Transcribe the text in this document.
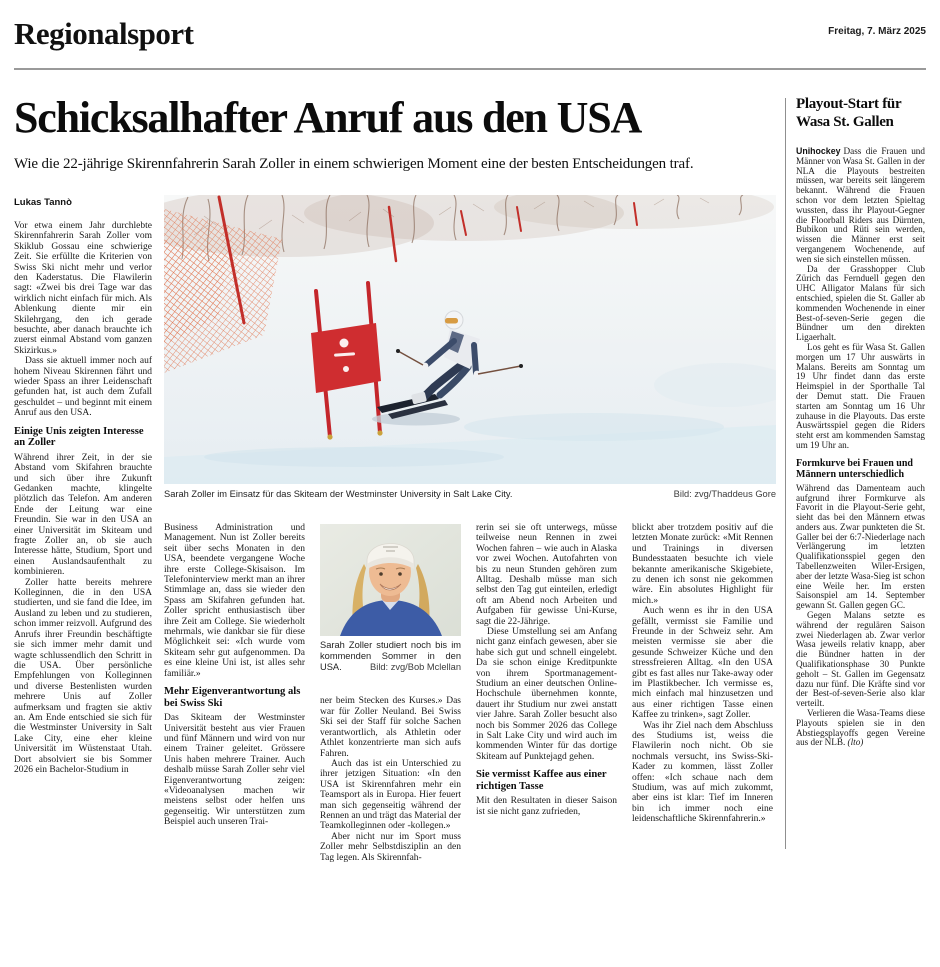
Regionalsport	Freitag, 7. März 2025
Schicksalhafter Anruf aus den USA

Wie die 22-jährige Skirennfahrerin Sarah Zoller in einem schwierigen Moment eine der besten Entscheidungen traf.

Lukas Tannò

Vor etwa einem Jahr durchlebte Skirennfahrerin Sarah Zoller vom Skiklub Gossau eine schwierige Zeit. Sie erfüllte die Kriterien von Swiss Ski nicht mehr und verlor den Kaderstatus. Die Flawilerin sagt: «Zwei bis drei Tage war das wirklich nicht einfach für mich. Als Ablenkung diente mir ein Skilehrgang, den ich gerade besuchte, aber danach brauchte ich zuerst einmal Abstand vom ganzen Skizirkus.»

Dass sie aktuell immer noch auf hohem Niveau Skirennen fährt und wieder Spass an ihrer Leidenschaft gefunden hat, ist auch dem Zufall geschuldet – und beginnt mit einem Anruf aus den USA.

Einige Unis zeigten Interesse an Zoller

Während ihrer Zeit, in der sie Abstand vom Skifahren brauchte und sich über ihre Zukunft Gedanken machte, klingelte plötzlich das Telefon. Am anderen Ende der Leitung war eine Freundin. Sie war in den USA an einer Universität im Skiteam und fragte Zoller an, ob sie auch Interesse hätte, Studium, Sport und einen Auslandsaufenthalt zu kombinieren.

Zoller hatte bereits mehrere Kolleginnen, die in den USA studierten, und sie fand die Idee, im Ausland zu leben und zu studieren, schon immer reizvoll. Aufgrund des Anrufs ihrer Freundin beschäftigte sie sich immer mehr damit und wagte schlussendlich den Schritt in die USA. Über persönliche Empfehlungen von Kolleginnen und diverse Bestenlisten wurden mehrere Unis auf Zoller aufmerksam und fragten sie aktiv an. Am Ende entschied sie sich für die Westminster University in Salt Lake City, eine eher kleine Universität im Wüstenstaat Utah. Dort absolviert sie bis Sommer 2026 ein Bachelor-Studium in

Sarah Zoller im Einsatz für das Skiteam der Westminster University in Salt Lake City.	Bild: zvg/Thaddeus Gore

Business Administration und Management. Nun ist Zoller bereits seit über sechs Monaten in den USA, beendete vergangene Woche ihre erste College-Skisaison. Im Telefoninterview merkt man an ihrer Stimmlage an, dass sie wieder den Spass am Skifahren gefunden hat. Zoller spricht enthusiastisch über ihre Zeit am College. Sie wiederholt mehrmals, wie dankbar sie für diese Möglichkeit sei: «Ich wurde vom Skiteam sehr gut aufgenommen. Da es eine kleine Uni ist, ist alles sehr familiär.»

Mehr Eigenverantwortung als bei Swiss Ski

Das Skiteam der Westminster Universität besteht aus vier Frauen und fünf Männern und wird von nur einem Trainer geleitet. Grössere Unis haben mehrere Trainer. Auch deshalb müsse Sarah Zoller sehr viel Eigenverantwortung zeigen: «Videoanalysen machen wir meistens selbst oder helfen uns gegenseitig. Wir unterstützen zum Beispiel auch unseren Trai-

Sarah Zoller studiert noch bis im kommenden Sommer in den USA.	Bild: zvg/Bob Mclellan

ner beim Stecken des Kurses.» Das war für Zoller Neuland. Bei Swiss Ski sei der Staff für solche Sachen verantwortlich, als Athletin oder Athlet konzentrierte man sich aufs Fahren.

Auch das ist ein Unterschied zu ihrer jetzigen Situation: «In den USA ist Skirennfahren mehr ein Teamsport als in Europa. Hier feuert man sich gegenseitig während der Rennen an und trägt das Material der Teamkolleginnen oder -kollegen.»

Aber nicht nur im Sport muss Zoller mehr Selbstdisziplin an den Tag legen. Als Skirennfah-

rerin sei sie oft unterwegs, müsse teilweise neun Rennen in zwei Wochen fahren – wie auch in Alaska vor zwei Wochen. Autofahrten von bis zu neun Stunden gehören zum Alltag. Deshalb müsse man sich selbst den Tag gut einteilen, erledigt oft am Abend noch Arbeiten und Aufgaben für gewisse Uni-Kurse, sagt die 22-Jährige.

Diese Umstellung sei am Anfang nicht ganz einfach gewesen, aber sie habe sich gut und schnell eingelebt. Da sie schon einige Kreditpunkte von ihrem Sportmanagement-Studium an einer deutschen Online-Hochschule übernehmen konnte, dauert ihr Studium nur zwei anstatt vier Jahre. Sarah Zoller besucht also noch bis Sommer 2026 das College in Salt Lake City und wird auch im kommenden Winter für das dortige Skiteam auf Punktejagd gehen.

Sie vermisst Kaffee aus einer richtigen Tasse

Mit den Resultaten in dieser Saison ist sie nicht ganz zufrieden,

blickt aber trotzdem positiv auf die letzten Monate zurück: «Mit Rennen und Trainings in diversen Bundesstaaten besuchte ich viele bekannte amerikanische Skigebiete, zu denen ich sonst nie gekommen wäre. Ein absolutes Highlight für mich.»

Auch wenn es ihr in den USA gefällt, vermisst sie Familie und Freunde in der Schweiz sehr. Am meisten vermisse sie aber die gesunde Schweizer Küche und den stressfreieren Alltag. «In den USA gibt es fast alles nur Take-away oder im Plastikbecher. Ich vermisse es, mich einfach mal hinzusetzen und aus einer richtigen Tasse einen Kaffee zu trinken», sagt Zoller.

Was ihr Ziel nach dem Abschluss des Studiums ist, weiss die Flawilerin noch nicht. Ob sie nochmals versucht, ins Swiss-Ski-Kader zu kommen, lässt Zoller offen: «Ich schaue nach dem Studium, was auf mich zukommt, aber eins ist klar: Tief im Inneren bin ich immer noch eine leidenschaftliche Skirennfahrerin.»

Playout-Start für Wasa St. Gallen

Unihockey Dass die Frauen und Männer von Wasa St. Gallen in der NLA die Playouts bestreiten müssen, war bereits seit längerem bekannt. Während die Frauen schon vor dem letzten Spieltag wussten, dass ihr Playout-Gegner die Floorball Riders aus Dürnten, Bubikon und Rüti sein werden, wissen die Männer erst seit vergangenem Wochenende, auf wen sie sich einstellen müssen.

Da der Grasshopper Club Zürich das Fernduell gegen den UHC Alligator Malans für sich entschied, spielen die St. Galler ab kommenden Wochenende in einer Best-of-seven-Serie gegen die Bündner um den direkten Ligaerhalt.

Los geht es für Wasa St. Gallen morgen um 17 Uhr auswärts in Malans. Bereits am Sonntag um 19 Uhr findet dann das erste Heimspiel in der Sporthalle Tal der Demut statt. Die Frauen starten am Sonntag um 16 Uhr zuhause in die Playouts. Das erste Auswärtsspiel gegen die Riders steht erst am kommenden Samstag um 19 Uhr an.

Formkurve bei Frauen und Männern unterschiedlich

Während das Damenteam auch aufgrund ihrer Formkurve als Favorit in die Playout-Serie geht, sieht das bei den Männern etwas anders aus. Zwar punkteten die St. Galler bei der 6:7-Niederlage nach Verlängerung im letzten Qualifikationsspiel gegen den Tabellenzweiten Wiler-Ersigen, aber der letzte Wasa-Sieg ist schon eine Weile her. Im ersten Saisonspiel am 14. September gewann St. Gallen gegen GC.

Gegen Malans setzte es während der regulären Saison zwei Niederlagen ab. Zwar verlor Wasa jeweils relativ knapp, aber die Bündner hatten in der Qualifikationsphase 30 Punkte geholt – St. Gallen im Gegensatz dazu nur fünf. Die Kräfte sind vor der Best-of-seven-Serie also klar verteilt.

Verlieren die Wasa-Teams diese Playouts spielen sie in den Abstiegsplayoffs gegen Vereine aus der NLB. (lto)
